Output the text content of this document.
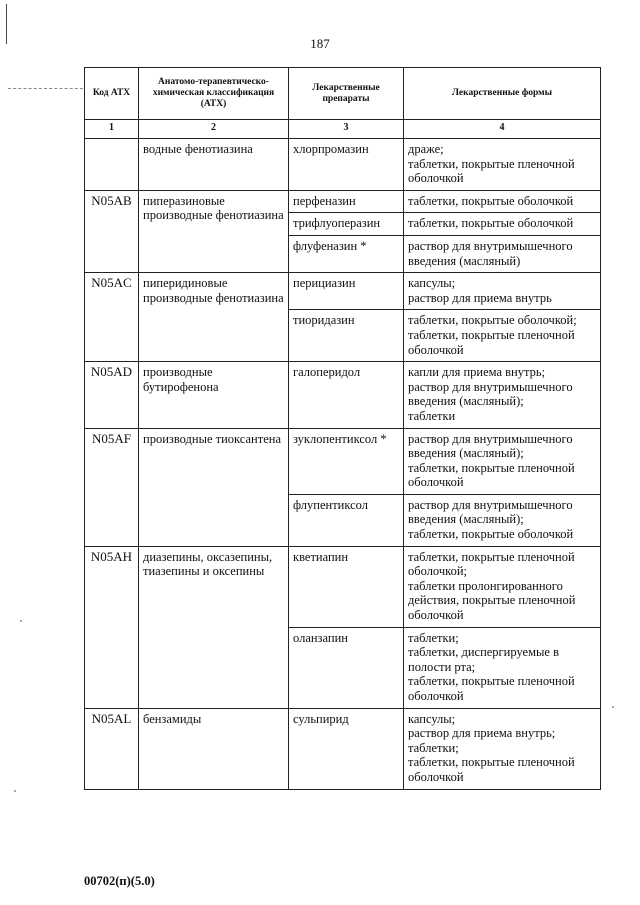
187
Код АТХ	Анатомо-терапевтическо-химическая классификация (АТХ)	Лекарственные препараты	Лекарственные формы
1	2	3	4
	водные фенотиазина	хлорпромазин	драже;
таблетки, покрытые пленочной оболочкой
N05AB	пиперазиновые производные фенотиазина	перфеназин	таблетки, покрытые оболочкой
		трифлуоперазин	таблетки, покрытые оболочкой
		флуфеназин *	раствор для внутримышечного введения (масляный)
N05AC	пиперидиновые производные фенотиазина	перициазин	капсулы;
раствор для приема внутрь
		тиоридазин	таблетки, покрытые оболочкой;
таблетки, покрытые пленочной оболочкой
N05AD	производные бутирофенона	галоперидол	капли для приема внутрь;
раствор для внутримышечного введения (масляный);
таблетки
N05AF	производные тиоксантена	зуклопентиксол *	раствор для внутримышечного введения (масляный);
таблетки, покрытые пленочной оболочкой
		флупентиксол	раствор для внутримышечного введения (масляный);
таблетки, покрытые оболочкой
N05AH	диазепины, оксазепины, тиазепины и оксепины	кветиапин	таблетки, покрытые пленочной оболочкой;
таблетки пролонгированного действия, покрытые пленочной оболочкой
		оланзапин	таблетки;
таблетки, диспергируемые в полости рта;
таблетки, покрытые пленочной оболочкой
N05AL	бензамиды	сульпирид	капсулы;
раствор для приема внутрь;
таблетки;
таблетки, покрытые пленочной оболочкой
00702(п)(5.0)
